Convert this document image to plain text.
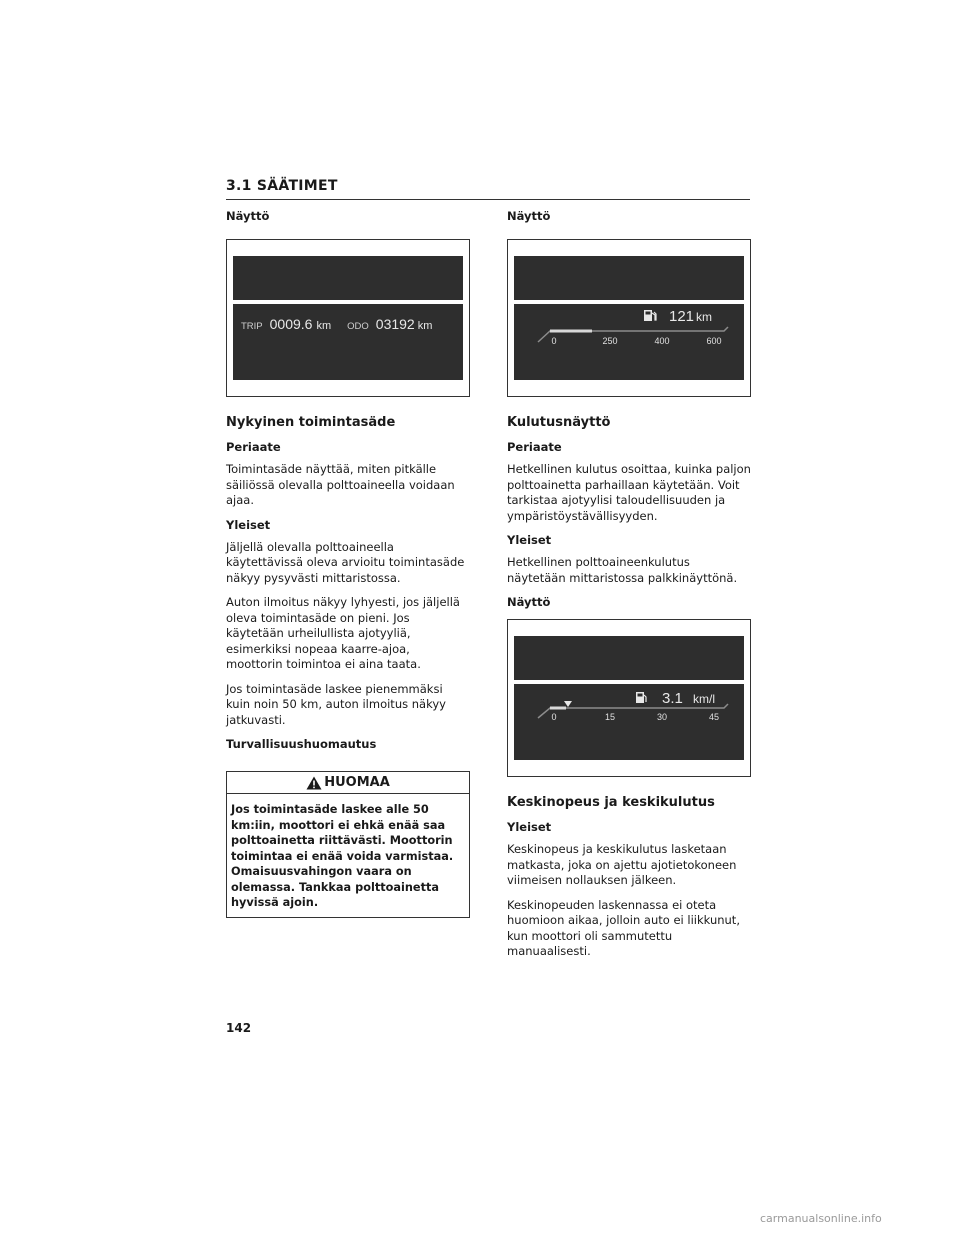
3.1 SÄÄTIMET
Näyttö
TRIP 0009.6 km ODO 03192 km
Nykyinen toimintasäde
Periaate

Toimintasäde näyttää, miten pitkälle säiliössä olevalla polttoaineella voidaan ajaa.

Yleiset

Jäljellä olevalla polttoaineella käytettävissä oleva arvioitu toimintasäde näkyy pysyvästi mittaristossa.

Auton ilmoitus näkyy lyhyesti, jos jäljellä oleva toimintasäde on pieni. Jos käytetään urheilullista ajotyyliä, esimerkiksi nopeaa kaarre-ajoa, moottorin toimintoa ei aina taata.

Jos toimintasäde laskee pienemmäksi kuin noin 50 km, auton ilmoitus näkyy jatkuvasti.

Turvallisuushuomautus
HUOMAA
Jos toimintasäde laskee alle 50 km:iin, moottori ei ehkä enää saa polttoainetta riittävästi. Moottorin toimintaa ei enää voida varmistaa. Omaisuusvahingon vaara on olemassa. Tankkaa polttoainetta hyvissä ajoin.
Näyttö
121 km
0	250	400	600
Kulutusnäyttö
Periaate

Hetkellinen kulutus osoittaa, kuinka paljon polttoainetta parhaillaan käytetään. Voit tarkistaa ajotyylisi taloudellisuuden ja ympäristöystävällisyyden.

Yleiset

Hetkellinen polttoaineenkulutus näytetään mittaristossa palkkinäyttönä.

Näyttö
3.1 km/l
0	15	30	45
Keskinopeus ja keskikulutus
Yleiset

Keskinopeus ja keskikulutus lasketaan matkasta, joka on ajettu ajotietokoneen viimeisen nollauksen jälkeen.

Keskinopeuden laskennassa ei oteta huomioon aikaa, jolloin auto ei liikkunut, kun moottori oli sammutettu manuaalisesti.

142
carmanualsonline.info
